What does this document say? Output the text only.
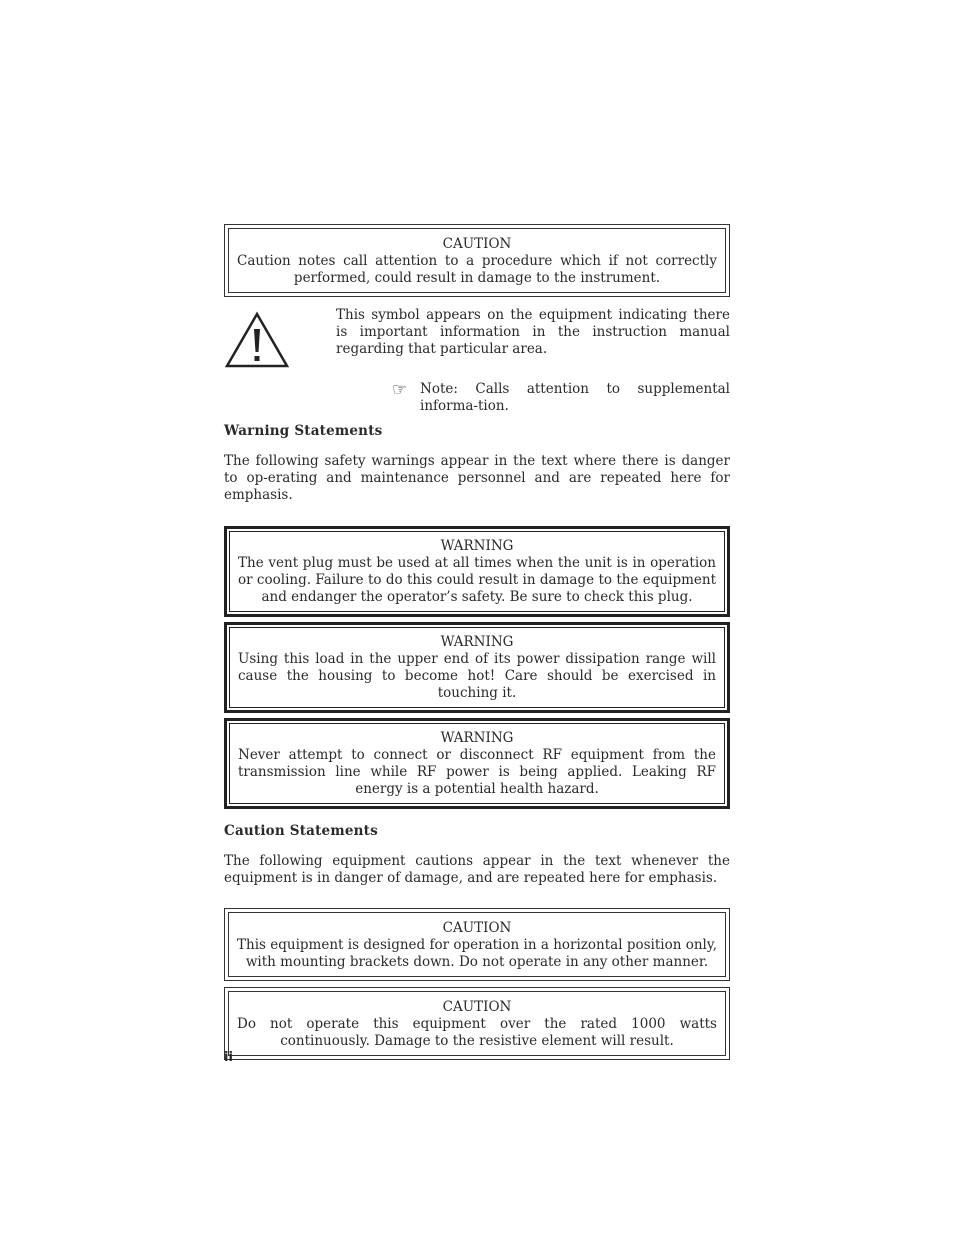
CAUTION
Caution notes call attention to a procedure which if not correctly performed, could result in damage to the instrument.
This symbol appears on the equipment indicating there is important information in the instruction manual regarding that particular area.
☞ Note: Calls attention to supplemental informa-tion.
Warning Statements
The following safety warnings appear in the text where there is danger to op-erating and maintenance personnel and are repeated here for emphasis.
WARNING
The vent plug must be used at all times when the unit is in operation or cooling. Failure to do this could result in damage to the equipment and endanger the operator’s safety. Be sure to check this plug.
WARNING
Using this load in the upper end of its power dissipation range will cause the housing to become hot! Care should be exercised in touching it.
WARNING
Never attempt to connect or disconnect RF equipment from the transmission line while RF power is being applied. Leaking RF energy is a potential health hazard.
Caution Statements
The following equipment cautions appear in the text whenever the equipment is in danger of damage, and are repeated here for emphasis.
CAUTION
This equipment is designed for operation in a horizontal position only, with mounting brackets down. Do not operate in any other manner.
CAUTION
Do not operate this equipment over the rated 1000 watts continuously. Damage to the resistive element will result.
ii
